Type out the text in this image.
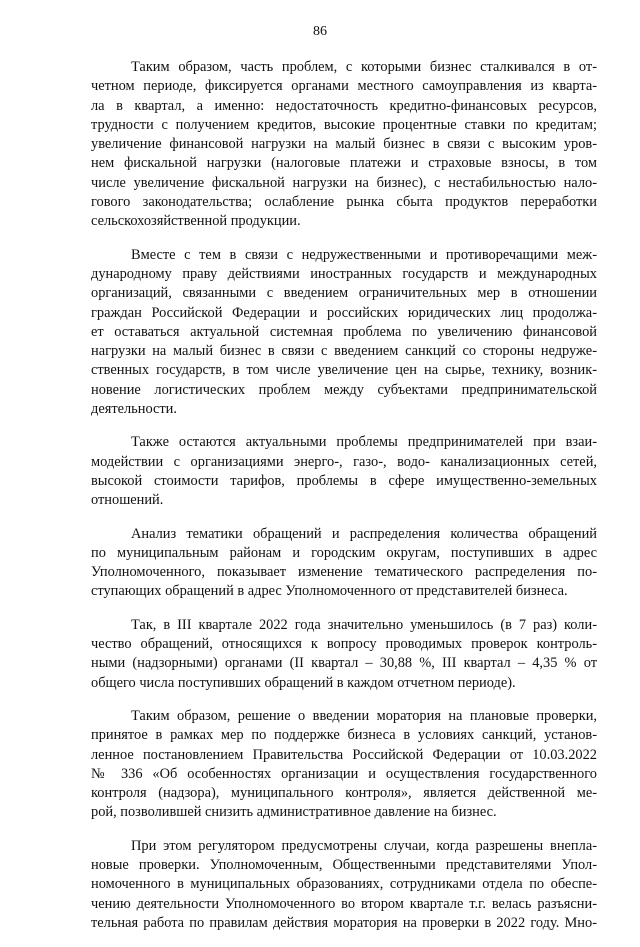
86

Таким образом, часть проблем, с которыми бизнес сталкивался в от-
четном периоде, фиксируется органами местного самоуправления из кварта-
ла в квартал, а именно: недостаточность кредитно-финансовых ресурсов,
трудности с получением кредитов, высокие процентные ставки по кредитам;
увеличение финансовой нагрузки на малый бизнес в связи с высоким уров-
нем фискальной нагрузки (налоговые платежи и страховые взносы, в том
числе увеличение фискальной нагрузки на бизнес), с нестабильностью нало-
гового законодательства; ослабление рынка сбыта продуктов переработки
сельскохозяйственной продукции.

Вместе с тем в связи с недружественными и противоречащими меж-
дународному праву действиями иностранных государств и международных
организаций, связанными с введением ограничительных мер в отношении
граждан Российской Федерации и российских юридических лиц продолжа-
ет оставаться актуальной системная проблема по увеличению финансовой
нагрузки на малый бизнес в связи с введением санкций со стороны недруже-
ственных государств, в том числе увеличение цен на сырье, технику, возник-
новение логистических проблем между субъектами предпринимательской
деятельности.

Также остаются актуальными проблемы предпринимателей при взаи-
модействии с организациями энерго-, газо-, водо- канализационных сетей,
высокой стоимости тарифов, проблемы в сфере имущественно-земельных
отношений.

Анализ тематики обращений и распределения количества обращений
по муниципальным районам и городским округам, поступивших в адрес
Уполномоченного, показывает изменение тематического распределения по-
ступающих обращений в адрес Уполномоченного от представителей бизнеса.

Так, в III квартале 2022 года значительно уменьшилось (в 7 раз) коли-
чество обращений, относящихся к вопросу проводимых проверок контроль-
ными (надзорными) органами (II квартал – 30,88 %, III квартал – 4,35 % от
общего числа поступивших обращений в каждом отчетном периоде).

Таким образом, решение о введении моратория на плановые проверки,
принятое в рамках мер по поддержке бизнеса в условиях санкций, установ-
ленное постановлением Правительства Российской Федерации от 10.03.2022
№ 336 «Об особенностях организации и осуществления государственного
контроля (надзора), муниципального контроля», является действенной ме-
рой, позволившей снизить административное давление на бизнес.

При этом регулятором предусмотрены случаи, когда разрешены внепла-
новые проверки. Уполномоченным, Общественными представителями Упол-
номоченного в муниципальных образованиях, сотрудниками отдела по обеспе-
чению деятельности Уполномоченного во втором квартале т.г. велась разъясни-
тельная работа по правилам действия моратория на проверки в 2022 году. Мно-
